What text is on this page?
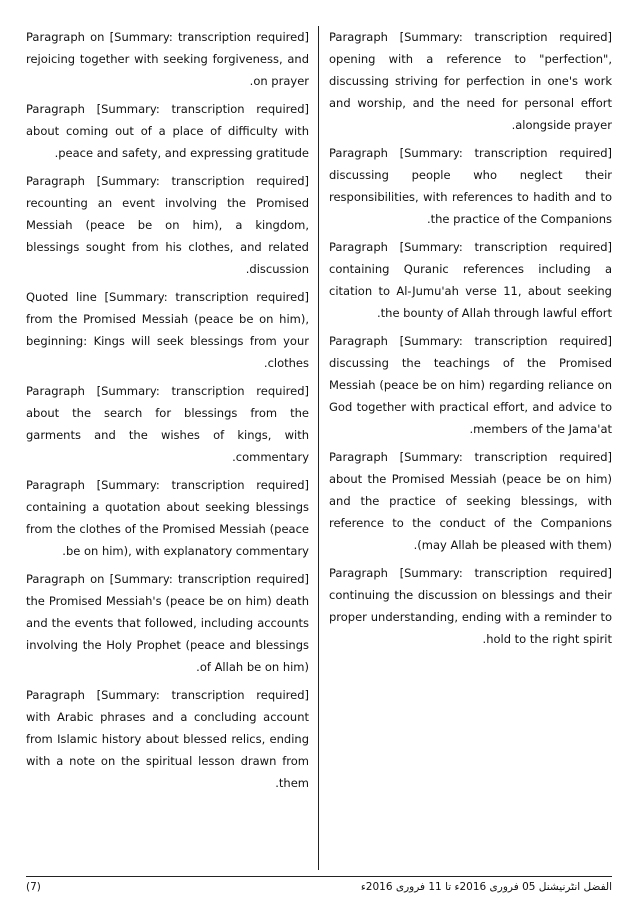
[Summary: transcription required] Paragraph on rejoicing together with seeking forgiveness, and on prayer.

[Summary: transcription required] Paragraph about coming out of a place of difficulty with peace and safety, and expressing gratitude.

[Summary: transcription required] Paragraph recounting an event involving the Promised Messiah (peace be on him), a kingdom, blessings sought from his clothes, and related discussion.

[Summary: transcription required] Quoted line from the Promised Messiah (peace be on him), beginning: Kings will seek blessings from your clothes.

[Summary: transcription required] Paragraph about the search for blessings from the garments and the wishes of kings, with commentary.

[Summary: transcription required] Paragraph containing a quotation about seeking blessings from the clothes of the Promised Messiah (peace be on him), with explanatory commentary.

[Summary: transcription required] Paragraph on the Promised Messiah's (peace be on him) death and the events that followed, including accounts involving the Holy Prophet (peace and blessings of Allah be on him).

[Summary: transcription required] Paragraph with Arabic phrases and a concluding account from Islamic history about blessed relics, ending with a note on the spiritual lesson drawn from them.

[Summary: transcription required] Paragraph opening with a reference to "perfection", discussing striving for perfection in one's work and worship, and the need for personal effort alongside prayer.

[Summary: transcription required] Paragraph discussing people who neglect their responsibilities, with references to hadith and to the practice of the Companions.

[Summary: transcription required] Paragraph containing Quranic references including a citation to Al-Jumu'ah verse 11, about seeking the bounty of Allah through lawful effort.

[Summary: transcription required] Paragraph discussing the teachings of the Promised Messiah (peace be on him) regarding reliance on God together with practical effort, and advice to members of the Jama'at.

[Summary: transcription required] Paragraph about the Promised Messiah (peace be on him) and the practice of seeking blessings, with reference to the conduct of the Companions (may Allah be pleased with them).

[Summary: transcription required] Paragraph continuing the discussion on blessings and their proper understanding, ending with a reminder to hold to the right spirit.

(7)	الفضل انٹرنیشنل 05 فروری 2016ء تا 11 فروری 2016ء
